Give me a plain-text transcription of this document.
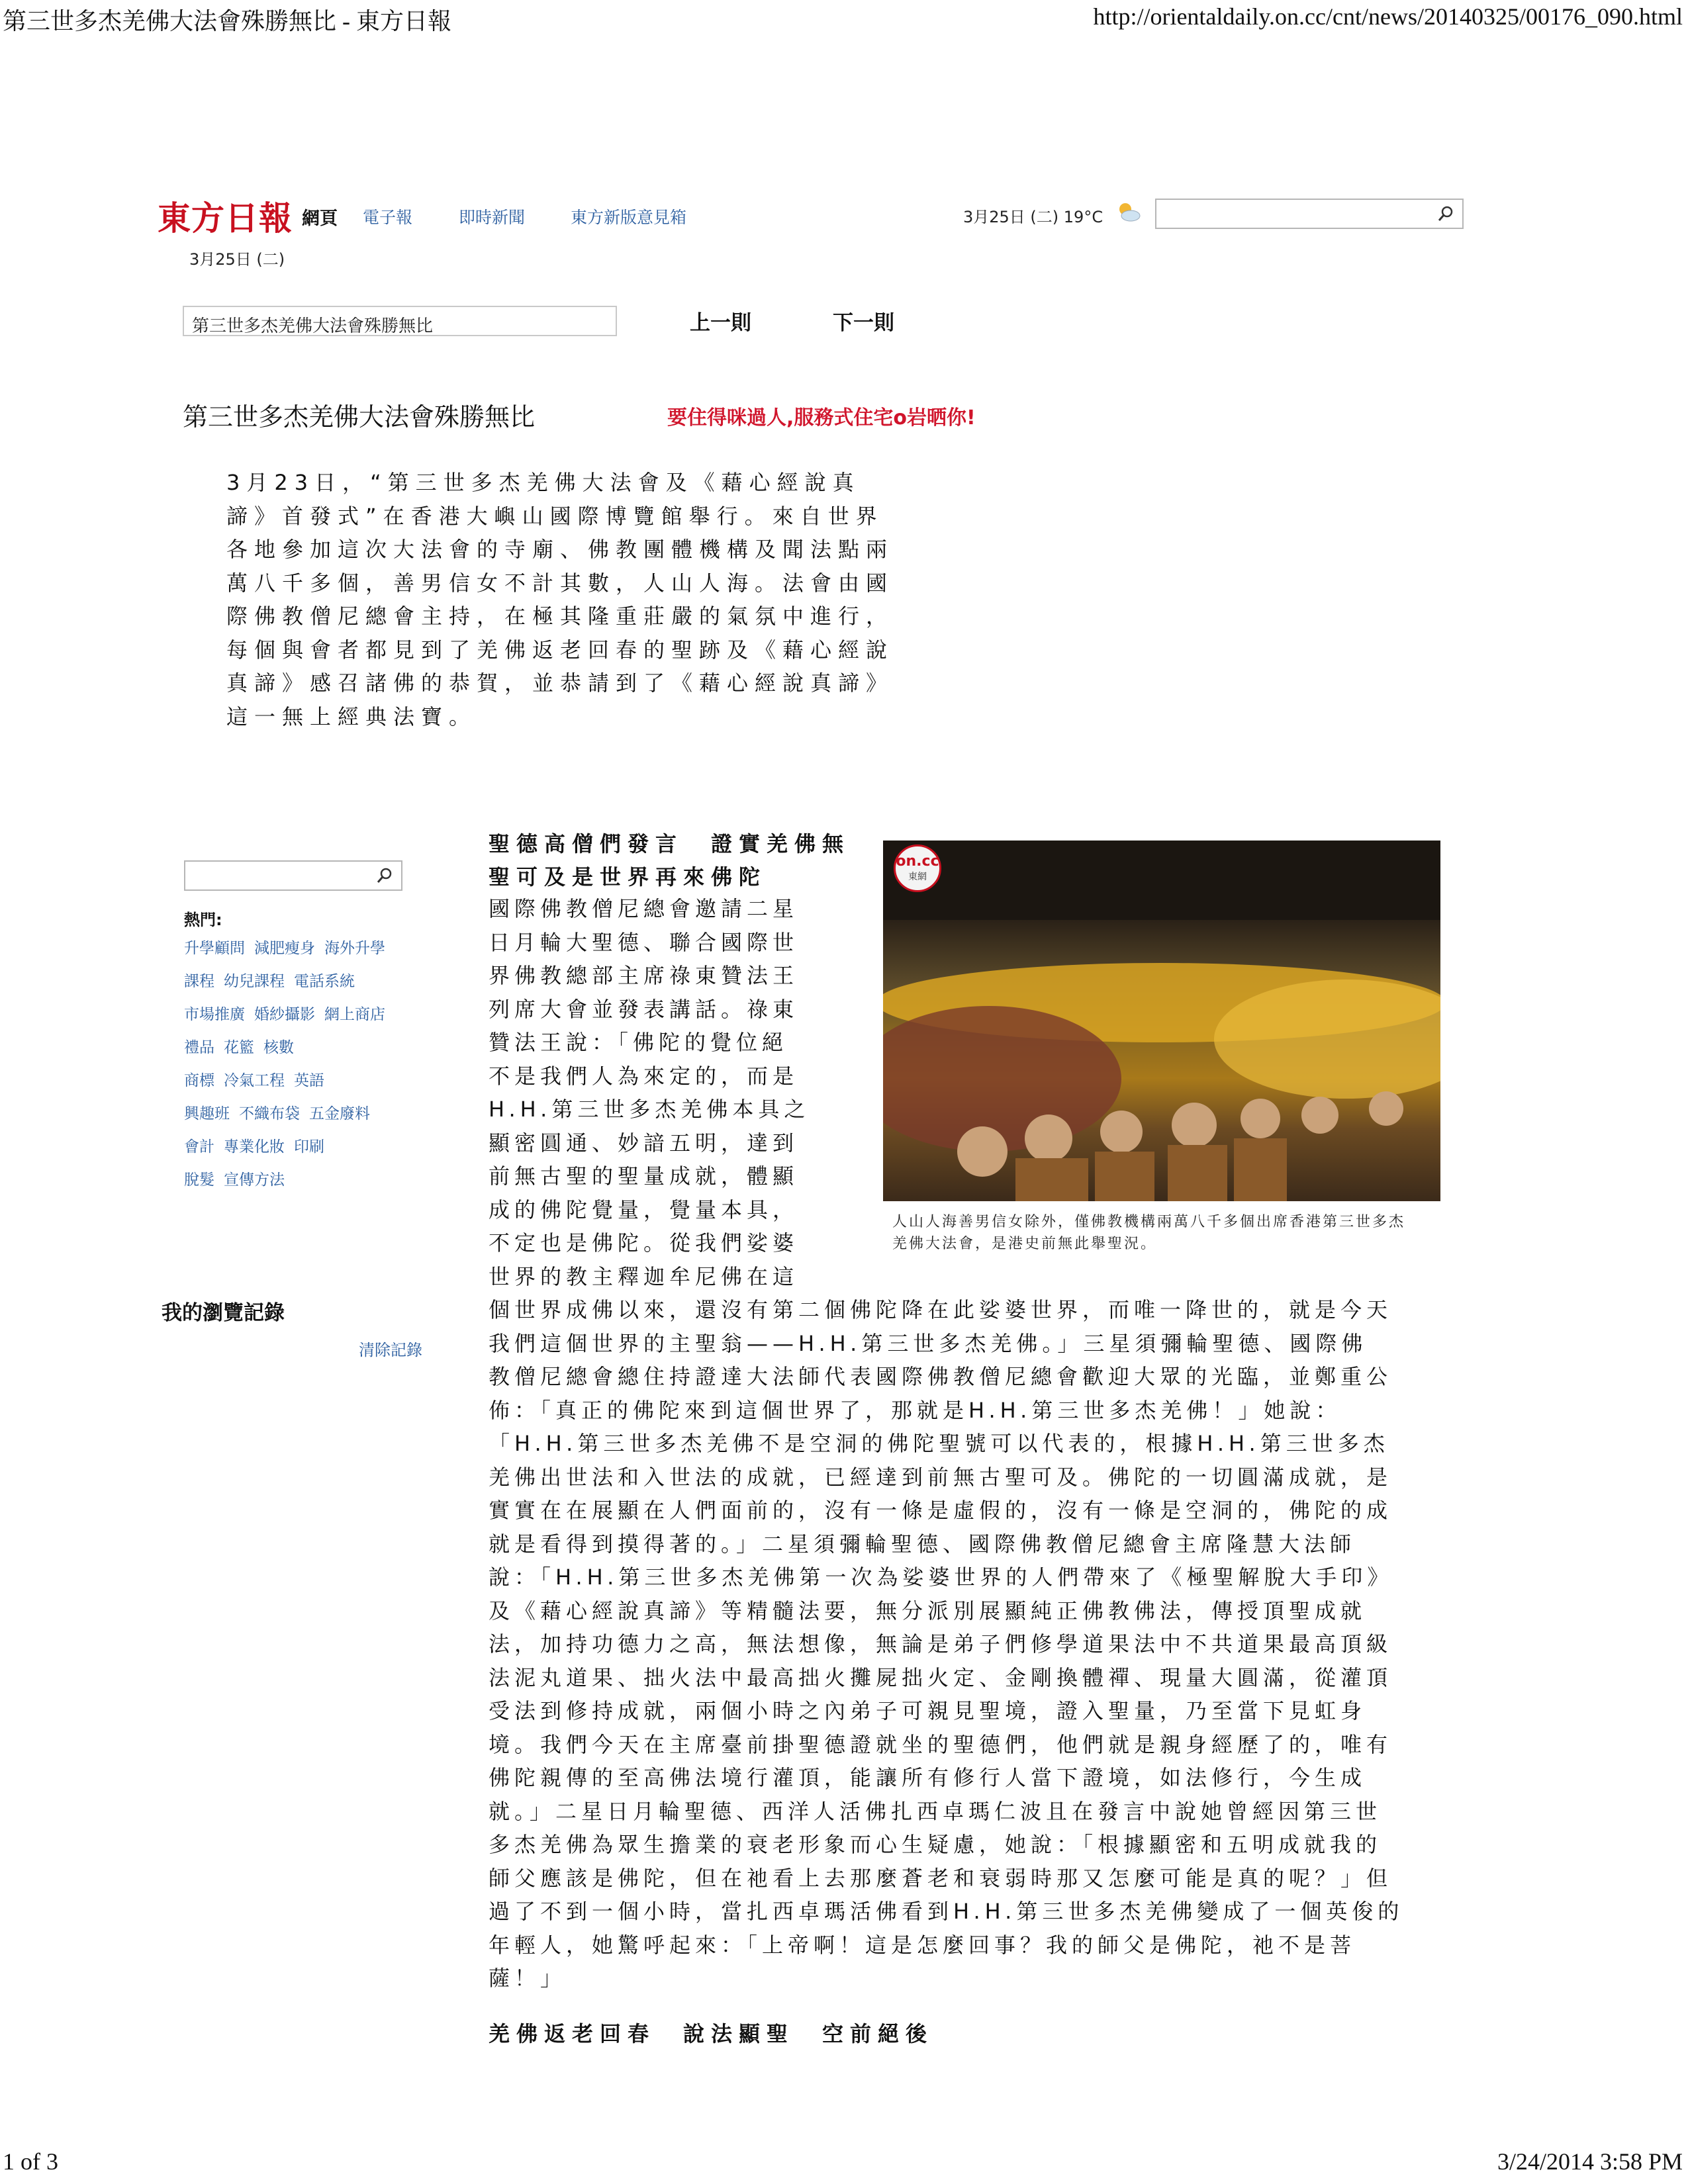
第三世多杰羌佛大法會殊勝無比 - 東方日報	http://orientaldaily.on.cc/cnt/news/20140325/00176_090.html
1 of 3	3/24/2014 3:58 PM
東方日報 網頁 電子報	即時新聞	東方新版意見箱	3月25日 (二) 19°C
3月25日 (二)
第三世多杰羌佛大法會殊勝無比	上一則	下一則
第三世多杰羌佛大法會殊勝無比	要住得咪過人,服務式住宅o岩晒你!
3月23日，“第三世多杰羌佛大法會及《藉心經說真
諦》首發式”在香港大嶼山國際博覽館舉行。來自世界
各地參加這次大法會的寺廟、佛教團體機構及聞法點兩
萬八千多個，善男信女不計其數，人山人海。法會由國
際佛教僧尼總會主持，在極其隆重莊嚴的氣氛中進行，
每個與會者都見到了羌佛返老回春的聖跡及《藉心經說
真諦》感召諸佛的恭賀，並恭請到了《藉心經說真諦》
這一無上經典法寶。
熱門:
升學顧問 減肥瘦身 海外升學
課程 幼兒課程 電話系統
市場推廣 婚紗攝影 網上商店
禮品 花籃 核數
商標 冷氣工程 英語
興趣班 不織布袋 五金廢料
會計 專業化妝 印刷
脫髮 宣傳方法
我的瀏覽記錄
清除記錄
聖德高僧們發言　證實羌佛無
聖可及是世界再來佛陀
國際佛教僧尼總會邀請二星
日月輪大聖德、聯合國際世
界佛教總部主席祿東贊法王
列席大會並發表講話。祿東
贊法王說：「佛陀的覺位絕
不是我們人為來定的，而是
H.H.第三世多杰羌佛本具之
顯密圓通、妙諳五明，達到
前無古聖的聖量成就，體顯
成的佛陀覺量，覺量本具，
不定也是佛陀。從我們娑婆
世界的教主釋迦牟尼佛在這
on.cc
東網
人山人海善男信女除外，僅佛教機構兩萬八千多個出席香港第三世多杰
羌佛大法會，是港史前無此舉聖況。
個世界成佛以來，還沒有第二個佛陀降在此娑婆世界，而唯一降世的，就是今天
我們這個世界的主聖翁——H.H.第三世多杰羌佛。」三星須彌輪聖德、國際佛
教僧尼總會總住持證達大法師代表國際佛教僧尼總會歡迎大眾的光臨，並鄭重公
佈：「真正的佛陀來到這個世界了，那就是H.H.第三世多杰羌佛！」她說：
「H.H.第三世多杰羌佛不是空洞的佛陀聖號可以代表的，根據H.H.第三世多杰
羌佛出世法和入世法的成就，已經達到前無古聖可及。佛陀的一切圓滿成就，是
實實在在展顯在人們面前的，沒有一條是虛假的，沒有一條是空洞的，佛陀的成
就是看得到摸得著的。」二星須彌輪聖德、國際佛教僧尼總會主席隆慧大法師
說：「H.H.第三世多杰羌佛第一次為娑婆世界的人們帶來了《極聖解脫大手印》
及《藉心經說真諦》等精髓法要，無分派別展顯純正佛教佛法，傳授頂聖成就
法，加持功德力之高，無法想像，無論是弟子們修學道果法中不共道果最高頂級
法泥丸道果、拙火法中最高拙火攤屍拙火定、金剛換體禪、現量大圓滿，從灌頂
受法到修持成就，兩個小時之內弟子可親見聖境，證入聖量，乃至當下見虹身
境。我們今天在主席臺前掛聖德證就坐的聖德們，他們就是親身經歷了的，唯有
佛陀親傳的至高佛法境行灌頂，能讓所有修行人當下證境，如法修行，今生成
就。」二星日月輪聖德、西洋人活佛扎西卓瑪仁波且在發言中說她曾經因第三世
多杰羌佛為眾生擔業的衰老形象而心生疑慮，她說：「根據顯密和五明成就我的
師父應該是佛陀，但在祂看上去那麼蒼老和衰弱時那又怎麼可能是真的呢？」但
過了不到一個小時，當扎西卓瑪活佛看到H.H.第三世多杰羌佛變成了一個英俊的
年輕人，她驚呼起來：「上帝啊！這是怎麼回事？我的師父是佛陀，祂不是菩
薩！」
羌佛返老回春　說法顯聖　空前絕後
